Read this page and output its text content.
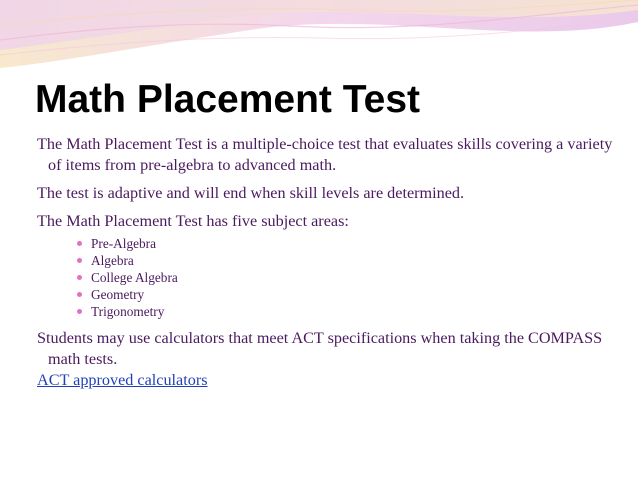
Math Placement Test

The Math Placement Test is a multiple-choice test that evaluates skills covering a variety of items from pre-algebra to advanced math.

The test is adaptive and will end when skill levels are determined.

The Math Placement Test has five subject areas:

Pre-Algebra
Algebra
College Algebra
Geometry
Trigonometry

Students may use calculators that meet ACT specifications when taking the COMPASS math tests.

ACT approved calculators
